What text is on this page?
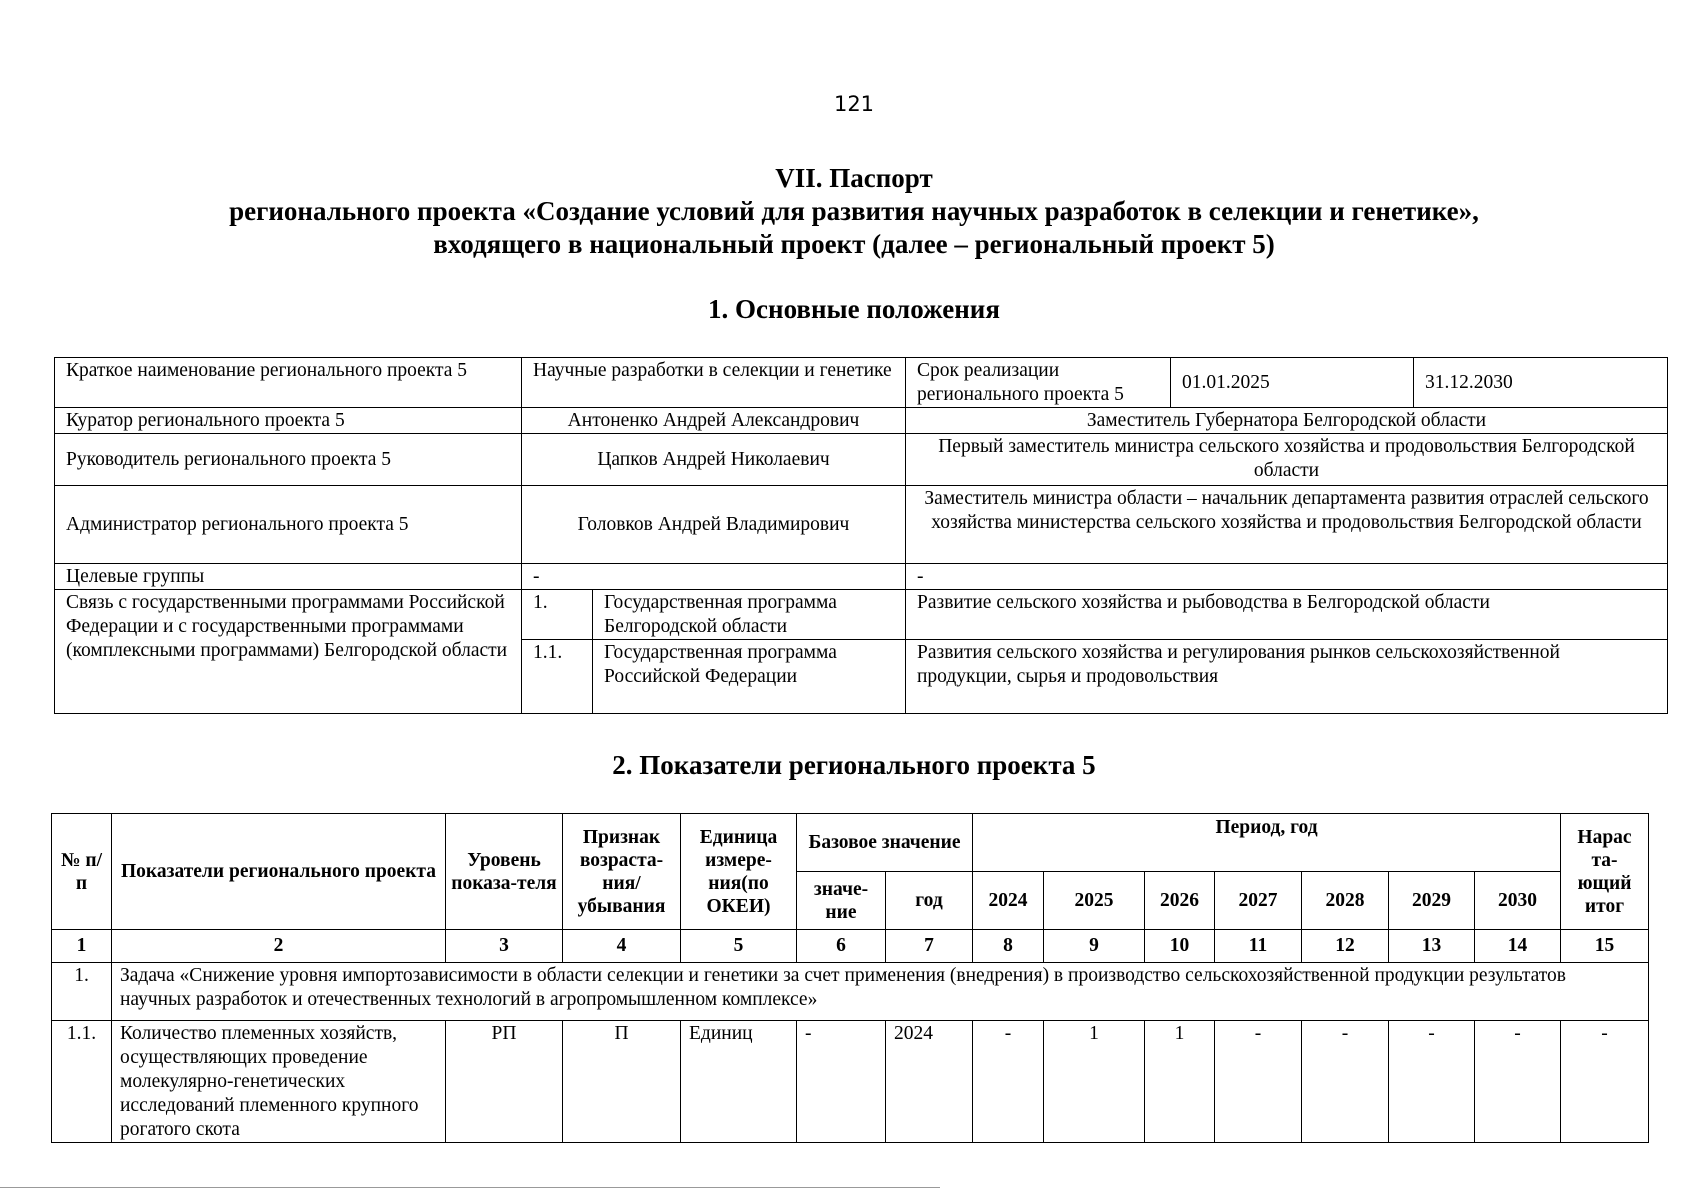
121
VII. Паспорт
регионального проекта «Создание условий для развития научных разработок в селекции и генетике»,
входящего в национальный проект (далее – региональный проект 5)
1. Основные положения
Краткое наименование регионального проекта 5	Научные разработки в селекции и генетике		Срок реализации регионального проекта 5	01.01.2025	31.12.2030
Куратор регионального проекта 5	Антоненко Андрей Александрович		Заместитель Губернатора Белгородской области		
Руководитель регионального проекта 5	Цапков Андрей Николаевич		Первый заместитель министра сельского хозяйства и продовольствия Белгородской области		
Администратор регионального проекта 5	Головков Андрей Владимирович		Заместитель министра области – начальник департамента развития отраслей сельского хозяйства министерства сельского хозяйства и продовольствия Белгородской области		
Целевые группы	-		-		
Связь с государственными программами Российской Федерации и с государственными программами (комплексными программами) Белгородской области	1.	Государственная программа Белгородской области	Развитие сельского хозяйства и рыбоводства в Белгородской области		
	1.1.	Государственная программа Российской Федерации	Развития сельского хозяйства и регулирования рынков сельскохозяйственной продукции, сырья и продовольствия		
2. Показатели регионального проекта 5
№ п/п	Показатели регионального проекта	Уровень показа-теля	Признак возраста-ния/ убывания	Единица измере-ния(по ОКЕИ)	Базовое значение		Период, год							Нарас та-ющий итог
					значе-ние	год	2024	2025	2026	2027	2028	2029	2030	
1	2	3	4	5	6	7	8	9	10	11	12	13	14	15
1.	Задача «Снижение уровня импортозависимости в области селекции и генетики за счет применения (внедрения) в производство сельскохозяйственной продукции результатов научных разработок и отечественных технологий в агропромышленном комплексе»													
1.1.	Количество племенных хозяйств, осуществляющих проведение молекулярно-генетических исследований племенного крупного рогатого скота	РП	П	Единиц	-	2024	-	1	1	-	-	-	-	-
